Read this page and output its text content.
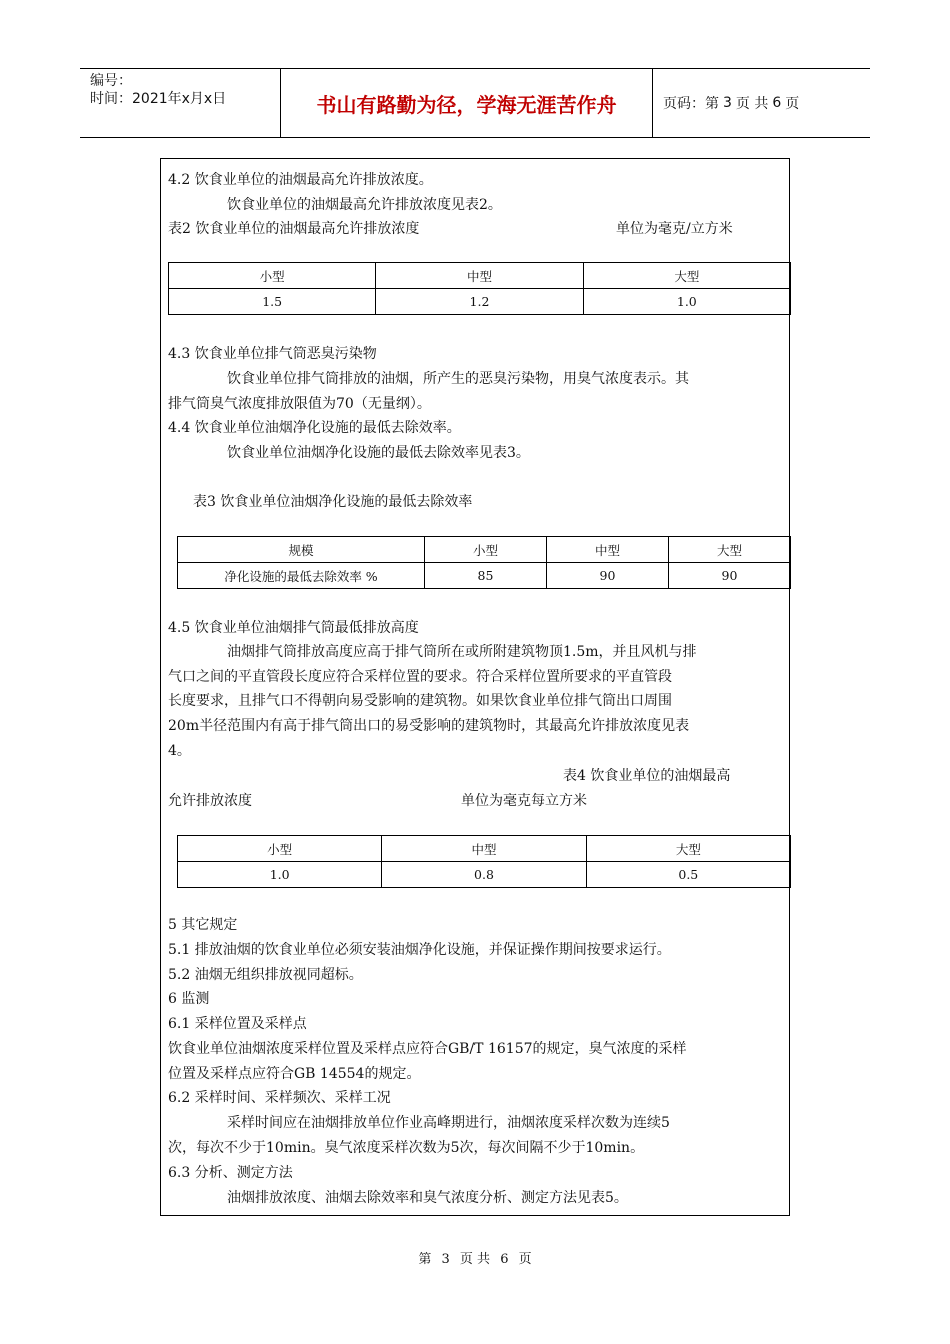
编号：
时间：2021年x月x日	书山有路勤为径，学海无涯苦作舟	页码：第 3 页 共 6 页
4.2 饮食业单位的油烟最高允许排放浓度。
饮食业单位的油烟最高允许排放浓度见表2。
表2 饮食业单位的油烟最高允许排放浓度	单位为毫克/立方米
小型	中型	大型
1.5	1.2	1.0
4.3 饮食业单位排气筒恶臭污染物
饮食业单位排气筒排放的油烟，所产生的恶臭污染物，用臭气浓度表示。其
排气筒臭气浓度排放限值为70（无量纲）。
4.4 饮食业单位油烟净化设施的最低去除效率。
饮食业单位油烟净化设施的最低去除效率见表3。
表3 饮食业单位油烟净化设施的最低去除效率
规模	小型	中型	大型
净化设施的最低去除效率 %	85	90	90
4.5 饮食业单位油烟排气筒最低排放高度
油烟排气筒排放高度应高于排气筒所在或所附建筑物顶1.5m，并且风机与排
气口之间的平直管段长度应符合采样位置的要求。符合采样位置所要求的平直管段
长度要求，且排气口不得朝向易受影响的建筑物。如果饮食业单位排气筒出口周围
20m半径范围内有高于排气筒出口的易受影响的建筑物时，其最高允许排放浓度见表
4。
表4 饮食业单位的油烟最高
允许排放浓度	单位为毫克每立方米
小型	中型	大型
1.0	0.8	0.5
5 其它规定
5.1 排放油烟的饮食业单位必须安装油烟净化设施，并保证操作期间按要求运行。
5.2 油烟无组织排放视同超标。
6 监测
6.1 采样位置及采样点
饮食业单位油烟浓度采样位置及采样点应符合GB/T 16157的规定，臭气浓度的采样
位置及采样点应符合GB 14554的规定。
6.2 采样时间、采样频次、采样工况
采样时间应在油烟排放单位作业高峰期进行，油烟浓度采样次数为连续5
次，每次不少于10min。臭气浓度采样次数为5次，每次间隔不少于10min。
6.3 分析、测定方法
油烟排放浓度、油烟去除效率和臭气浓度分析、测定方法见表5。
第 3 页 共 6 页
